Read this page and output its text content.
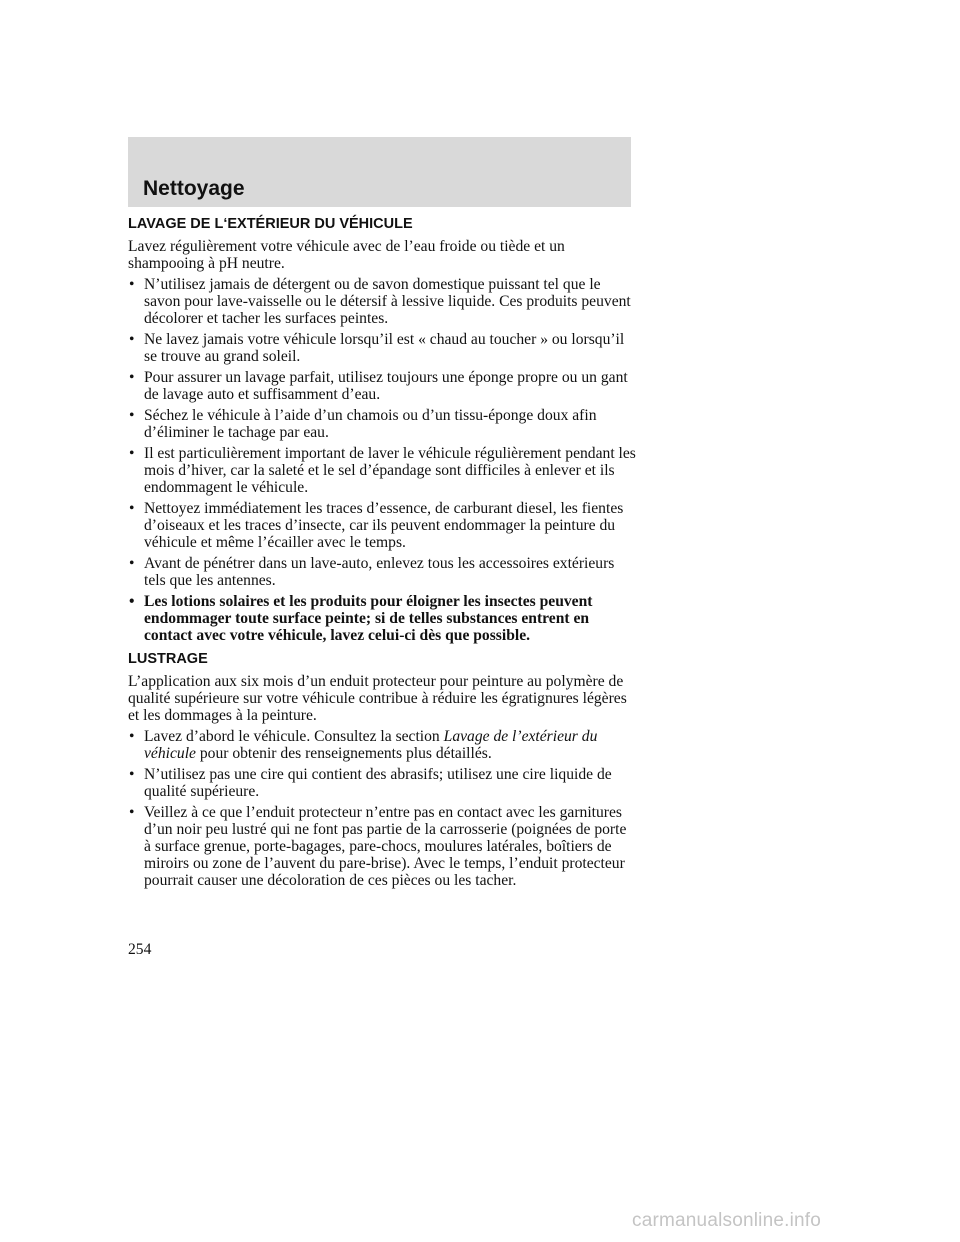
Nettoyage
LAVAGE DE L‘EXTÉRIEUR DU VÉHICULE
Lavez régulièrement votre véhicule avec de l’eau froide ou tiède et un shampooing à pH neutre.
• N’utilisez jamais de détergent ou de savon domestique puissant tel que le savon pour lave-vaisselle ou le détersif à lessive liquide. Ces produits peuvent décolorer et tacher les surfaces peintes.
• Ne lavez jamais votre véhicule lorsqu’il est « chaud au toucher » ou lorsqu’il se trouve au grand soleil.
• Pour assurer un lavage parfait, utilisez toujours une éponge propre ou un gant de lavage auto et suffisamment d’eau.
• Séchez le véhicule à l’aide d’un chamois ou d’un tissu-éponge doux afin d’éliminer le tachage par eau.
• Il est particulièrement important de laver le véhicule régulièrement pendant les mois d’hiver, car la saleté et le sel d’épandage sont difficiles à enlever et ils endommagent le véhicule.
• Nettoyez immédiatement les traces d’essence, de carburant diesel, les fientes d’oiseaux et les traces d’insecte, car ils peuvent endommager la peinture du véhicule et même l’écailler avec le temps.
• Avant de pénétrer dans un lave-auto, enlevez tous les accessoires extérieurs tels que les antennes.
• Les lotions solaires et les produits pour éloigner les insectes peuvent endommager toute surface peinte; si de telles substances entrent en contact avec votre véhicule, lavez celui-ci dès que possible.
LUSTRAGE
L’application aux six mois d’un enduit protecteur pour peinture au polymère de qualité supérieure sur votre véhicule contribue à réduire les égratignures légères et les dommages à la peinture.
• Lavez d’abord le véhicule. Consultez la section Lavage de l’extérieur du véhicule pour obtenir des renseignements plus détaillés.
• N’utilisez pas une cire qui contient des abrasifs; utilisez une cire liquide de qualité supérieure.
• Veillez à ce que l’enduit protecteur n’entre pas en contact avec les garnitures d’un noir peu lustré qui ne font pas partie de la carrosserie (poignées de porte à surface grenue, porte-bagages, pare-chocs, moulures latérales, boîtiers de miroirs ou zone de l’auvent du pare-brise). Avec le temps, l’enduit protecteur pourrait causer une décoloration de ces pièces ou les tacher.
254
carmanualsonline.info
